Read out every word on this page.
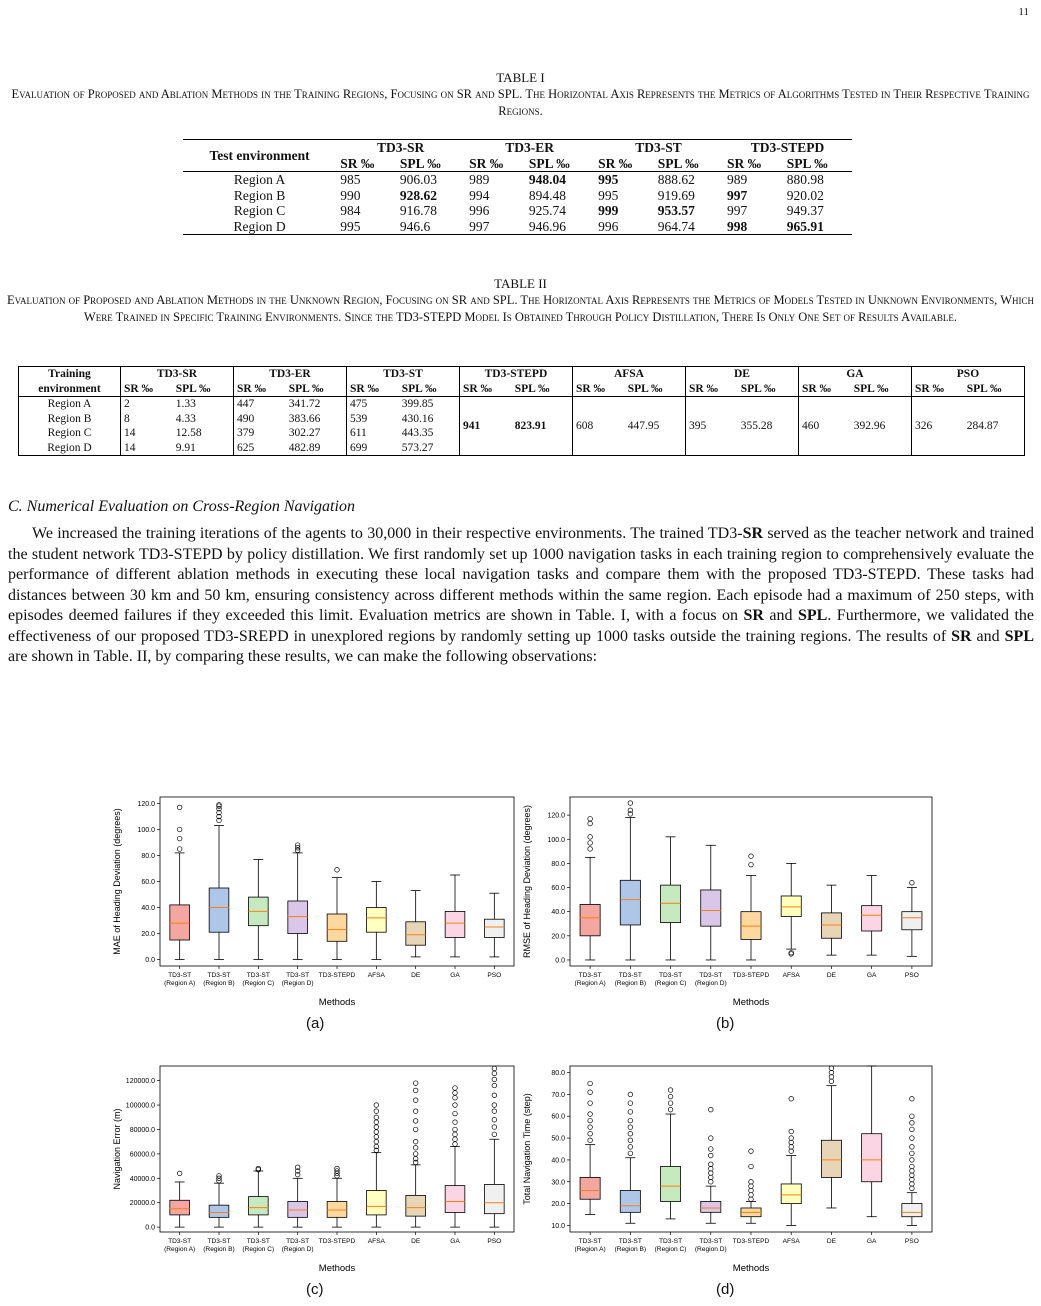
11
TABLE I
Evaluation of Proposed and Ablation Methods in the Training Regions, Focusing on SR and SPL. The Horizontal Axis Represents the Metrics of Algorithms Tested in Their Respective Training Regions.
Test environment	TD3-SR		TD3-ER		TD3-ST		TD3-STEPD	
	SR ‰	SPL ‰	SR ‰	SPL ‰	SR ‰	SPL ‰	SR ‰	SPL ‰
Region A	985	906.03	989	948.04	995	888.62	989	880.98
Region B	990	928.62	994	894.48	995	919.69	997	920.02
Region C	984	916.78	996	925.74	999	953.57	997	949.37
Region D	995	946.6	997	946.96	996	964.74	998	965.91
TABLE II
Evaluation of Proposed and Ablation Methods in the Unknown Region, Focusing on SR and SPL. The Horizontal Axis Represents the Metrics of Models Tested in Unknown Environments, Which Were Trained in Specific Training Environments. Since the TD3-STEPD Model Is Obtained Through Policy Distillation, There Is Only One Set of Results Available.
Training	TD3-SR		TD3-ER		TD3-ST		TD3-STEPD		AFSA		DE		GA		PSO	
environment	SR ‰	SPL ‰	SR ‰	SPL ‰	SR ‰	SPL ‰	SR ‰	SPL ‰	SR ‰	SPL ‰	SR ‰	SPL ‰	SR ‰	SPL ‰	SR ‰	SPL ‰
Region A	2	1.33	447	341.72	475	399.85	941	823.91	608	447.95	395	355.28	460	392.96	326	284.87
Region B	8	4.33	490	383.66	539	430.16										
Region C	14	12.58	379	302.27	611	443.35										
Region D	14	9.91	625	482.89	699	573.27										
C. Numerical Evaluation on Cross-Region Navigation

We increased the training iterations of the agents to 30,000 in their respective environments. The trained TD3-SR served as the teacher network and trained the student network TD3-STEPD by policy distillation. We first randomly set up 1000 navigation tasks in each training region to comprehensively evaluate the performance of different ablation methods in executing these local navigation tasks and compare them with the proposed TD3-STEPD. These tasks had distances between 30 km and 50 km, ensuring consistency across different methods within the same region. Each episode had a maximum of 250 steps, with episodes deemed failures if they exceeded this limit. Evaluation metrics are shown in Table. I, with a focus on SR and SPL. Furthermore, we validated the effectiveness of our proposed TD3-SREPD in unexplored regions by randomly setting up 1000 tasks outside the training regions. The results of SR and SPL are shown in Table. II, by comparing these results, we can make the following observations:

0.0
20.0
40.0
60.0
80.0
100.0
120.0
MAE of Heading Deviation (degrees)
Methods
TD3-ST
(Region A)
TD3-ST
(Region B)
TD3-ST
(Region C)
TD3-ST
(Region D)
TD3-STEPD AFSA	DE	GA	PSO
0.0
20.0
40.0
60.0
80.0
100.0
120.0
RMSE of Heading Deviation (degrees)
Methods
TD3-ST
(Region A)
TD3-ST
(Region B)
TD3-ST
(Region C)
TD3-ST
(Region D)
TD3-STEPD AFSA	DE	GA	PSO
0.0
20000.0
40000.0
60000.0
80000.0
100000.0
120000.0
Navigation Error (m)
Methods
TD3-ST
(Region A)
TD3-ST
(Region B)
TD3-ST
(Region C)
TD3-ST
(Region D)
TD3-STEPD AFSA	DE	GA	PSO
10.0
20.0
30.0
40.0
50.0
60.0
70.0
80.0
Total Navigation Time (step)
Methods
TD3-ST
(Region A)
TD3-ST
(Region B)
TD3-ST
(Region C)
TD3-ST
(Region D)
TD3-STEPD AFSA	DE	GA	PSO
(a)	(b)
(c)	(d)
